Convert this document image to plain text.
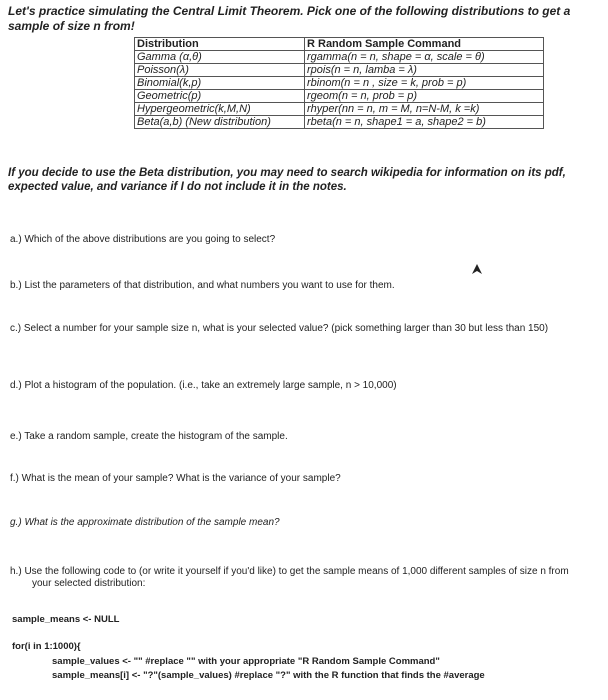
Let's practice simulating the Central Limit Theorem. Pick one of the following distributions to get a sample of size n from!
Distribution	R Random Sample Command
Gamma (α,θ)	rgamma(n = n, shape = α, scale = θ)
Poisson(λ)	rpois(n = n, lamba = λ)
Binomial(k,p)	rbinom(n = n , size = k, prob = p)
Geometric(p)	rgeom(n = n, prob = p)
Hypergeometric(k,M,N)	rhyper(nn = n, m = M, n=N-M, k =k)
Beta(a,b) (New distribution)	rbeta(n = n, shape1 = a, shape2 = b)
If you decide to use the Beta distribution, you may need to search wikipedia for information on its pdf, expected value, and variance if I do not include it in the notes.
a.) Which of the above distributions are you going to select?
b.) List the parameters of that distribution, and what numbers you want to use for them.
c.) Select a number for your sample size n, what is your selected value? (pick something larger than 30 but less than 150)
d.) Plot a histogram of the population. (i.e., take an extremely large sample, n > 10,000)
e.) Take a random sample, create the histogram of the sample.
f.) What is the mean of your sample? What is the variance of your sample?
g.) What is the approximate distribution of the sample mean?
h.) Use the following code to (or write it yourself if you'd like) to get the sample means of 1,000 different samples of size n from your selected distribution:
sample_means <- NULL
for(i in 1:1000){
sample_values <- "" #replace "" with your appropriate "R Random Sample Command"
sample_means[i] <- "?"(sample_values) #replace "?" with the R function that finds the #average
